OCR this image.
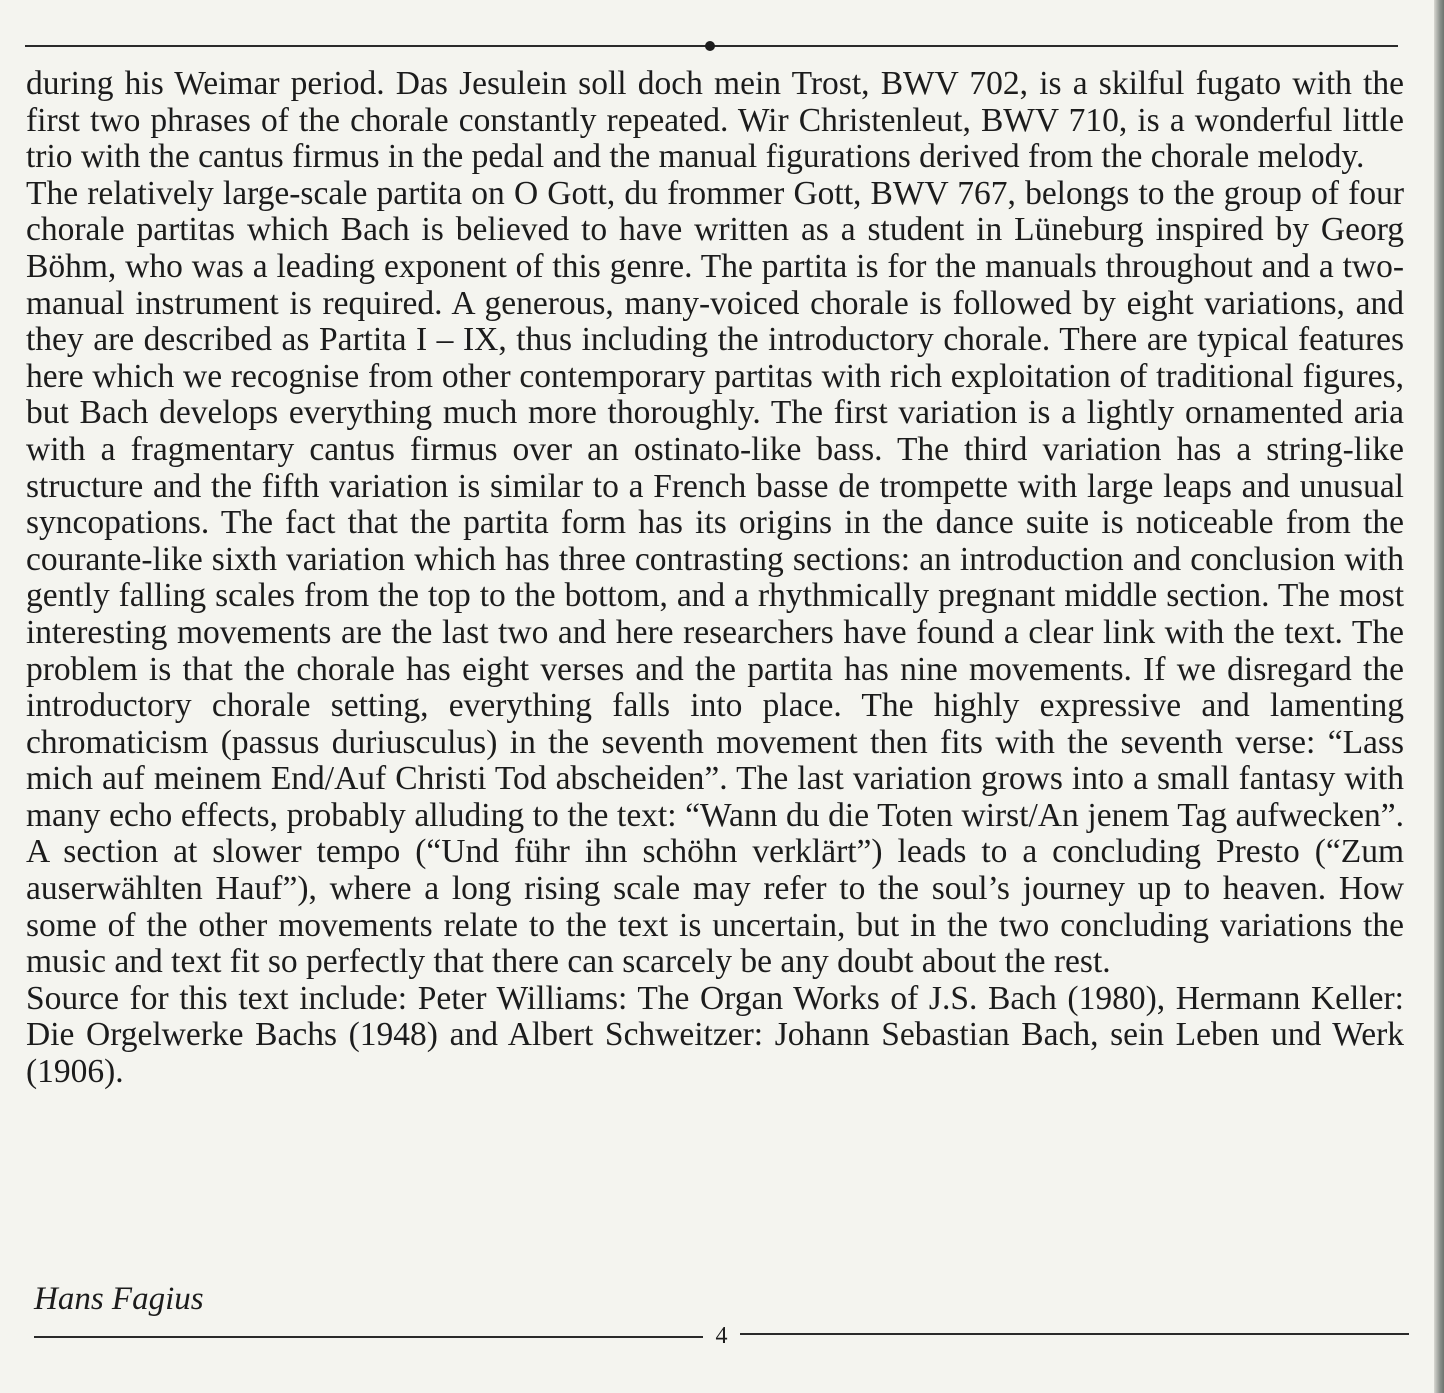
during his Weimar period. Das Jesulein soll doch mein Trost, BWV 702, is a skilful fugato with the first two phrases of the chorale constantly repeated. Wir Christenleut, BWV 710, is a wonderful little trio with the cantus firmus in the pedal and the manual figurations derived from the chorale melody.

The relatively large-scale partita on O Gott, du frommer Gott, BWV 767, belongs to the group of four chorale partitas which Bach is believed to have written as a student in Lüneburg inspired by Georg Böhm, who was a leading exponent of this genre. The partita is for the manuals throughout and a two-manual instrument is required. A generous, many-voiced chorale is followed by eight variations, and they are described as Partita I – IX, thus including the introductory chorale. There are typical features here which we recognise from other contemporary partitas with rich exploitation of traditional figures, but Bach develops everything much more thoroughly. The first variation is a lightly ornamented aria with a fragmentary cantus firmus over an ostinato-like bass. The third variation has a string-like structure and the fifth variation is similar to a French basse de trompette with large leaps and unusual syncopations. The fact that the partita form has its origins in the dance suite is noticeable from the courante-like sixth variation which has three contrasting sections: an introduction and conclusion with gently falling scales from the top to the bottom, and a rhythmically pregnant middle section. The most interesting movements are the last two and here researchers have found a clear link with the text. The problem is that the chorale has eight verses and the partita has nine movements. If we disregard the introductory chorale setting, everything falls into place. The highly expressive and lamenting chromaticism (passus duriusculus) in the seventh movement then fits with the seventh verse: “Lass mich auf meinem End/Auf Christi Tod abscheiden”. The last variation grows into a small fantasy with many echo effects, probably alluding to the text: “Wann du die Toten wirst/An jenem Tag aufwecken”. A section at slower tempo (“Und führ ihn schöhn verklärt”) leads to a concluding Presto (“Zum auserwählten Hauf”), where a long rising scale may refer to the soul’s journey up to heaven. How some of the other movements relate to the text is uncertain, but in the two concluding variations the music and text fit so perfectly that there can scarcely be any doubt about the rest.

Source for this text include: Peter Williams: The Organ Works of J.S. Bach (1980), Hermann Keller: Die Orgelwerke Bachs (1948) and Albert Schweitzer: Johann Sebastian Bach, sein Leben und Werk (1906).

Hans Fagius
4
